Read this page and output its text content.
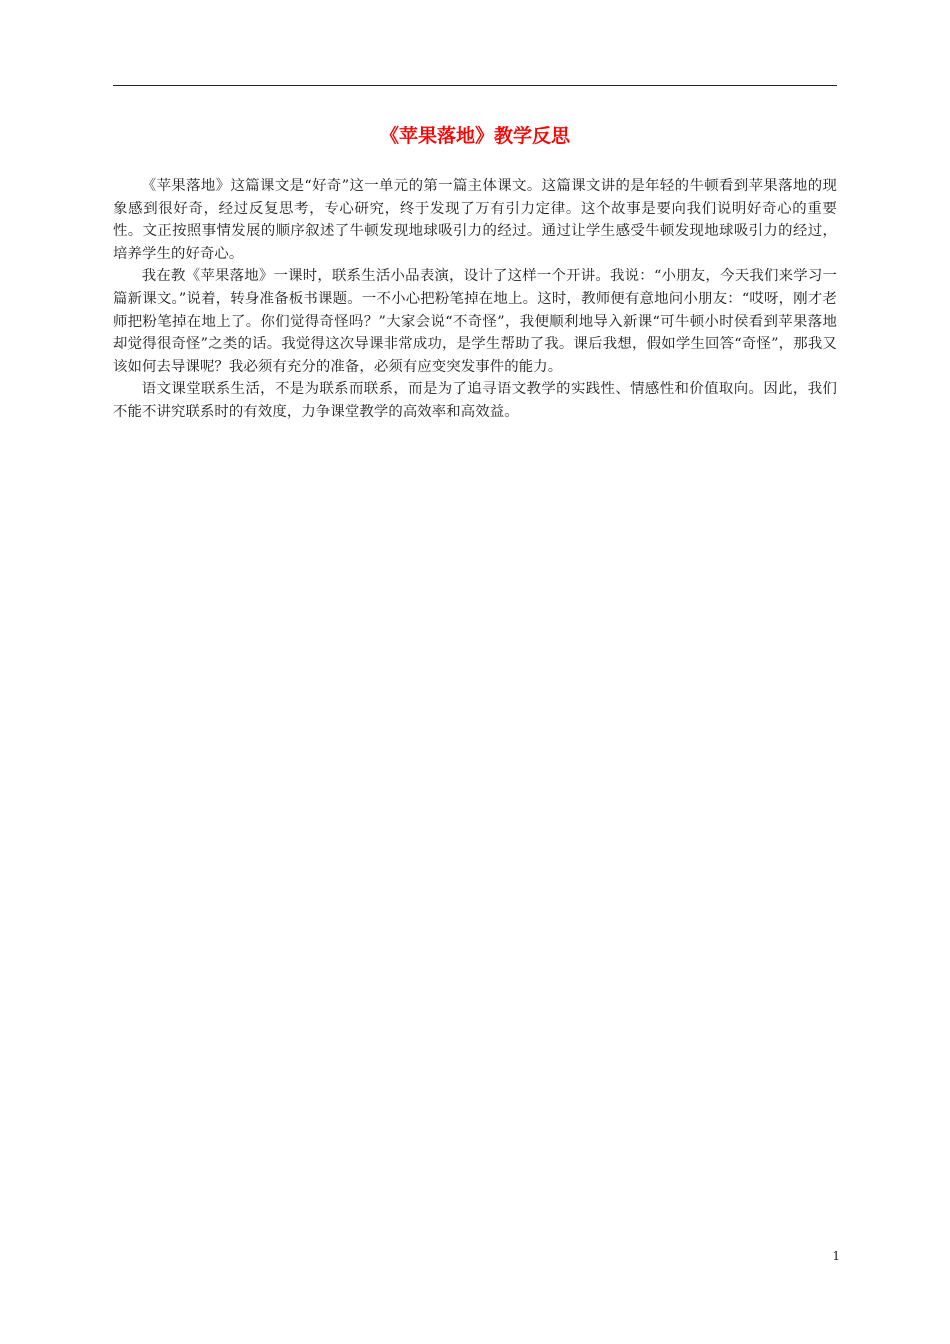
《苹果落地》教学反思

《苹果落地》这篇课文是“好奇”这一单元的第一篇主体课文。这篇课文讲的是年轻的牛顿看到苹果落地的现象感到很好奇，经过反复思考，专心研究，终于发现了万有引力定律。这个故事是要向我们说明好奇心的重要性。文正按照事情发展的顺序叙述了牛顿发现地球吸引力的经过。通过让学生感受牛顿发现地球吸引力的经过，培养学生的好奇心。

我在教《苹果落地》一课时，联系生活小品表演，设计了这样一个开讲。我说：“小朋友，今天我们来学习一篇新课文。”说着，转身准备板书课题。一不小心把粉笔掉在地上。这时，教师便有意地问小朋友：“哎呀，刚才老师把粉笔掉在地上了。你们觉得奇怪吗？”大家会说“不奇怪”，我便顺利地导入新课“可牛顿小时侯看到苹果落地却觉得很奇怪”之类的话。我觉得这次导课非常成功，是学生帮助了我。课后我想，假如学生回答“奇怪”，那我又该如何去导课呢？我必须有充分的准备，必须有应变突发事件的能力。

语文课堂联系生活，不是为联系而联系，而是为了追寻语文教学的实践性、情感性和价值取向。因此，我们不能不讲究联系时的有效度，力争课堂教学的高效率和高效益。

1
